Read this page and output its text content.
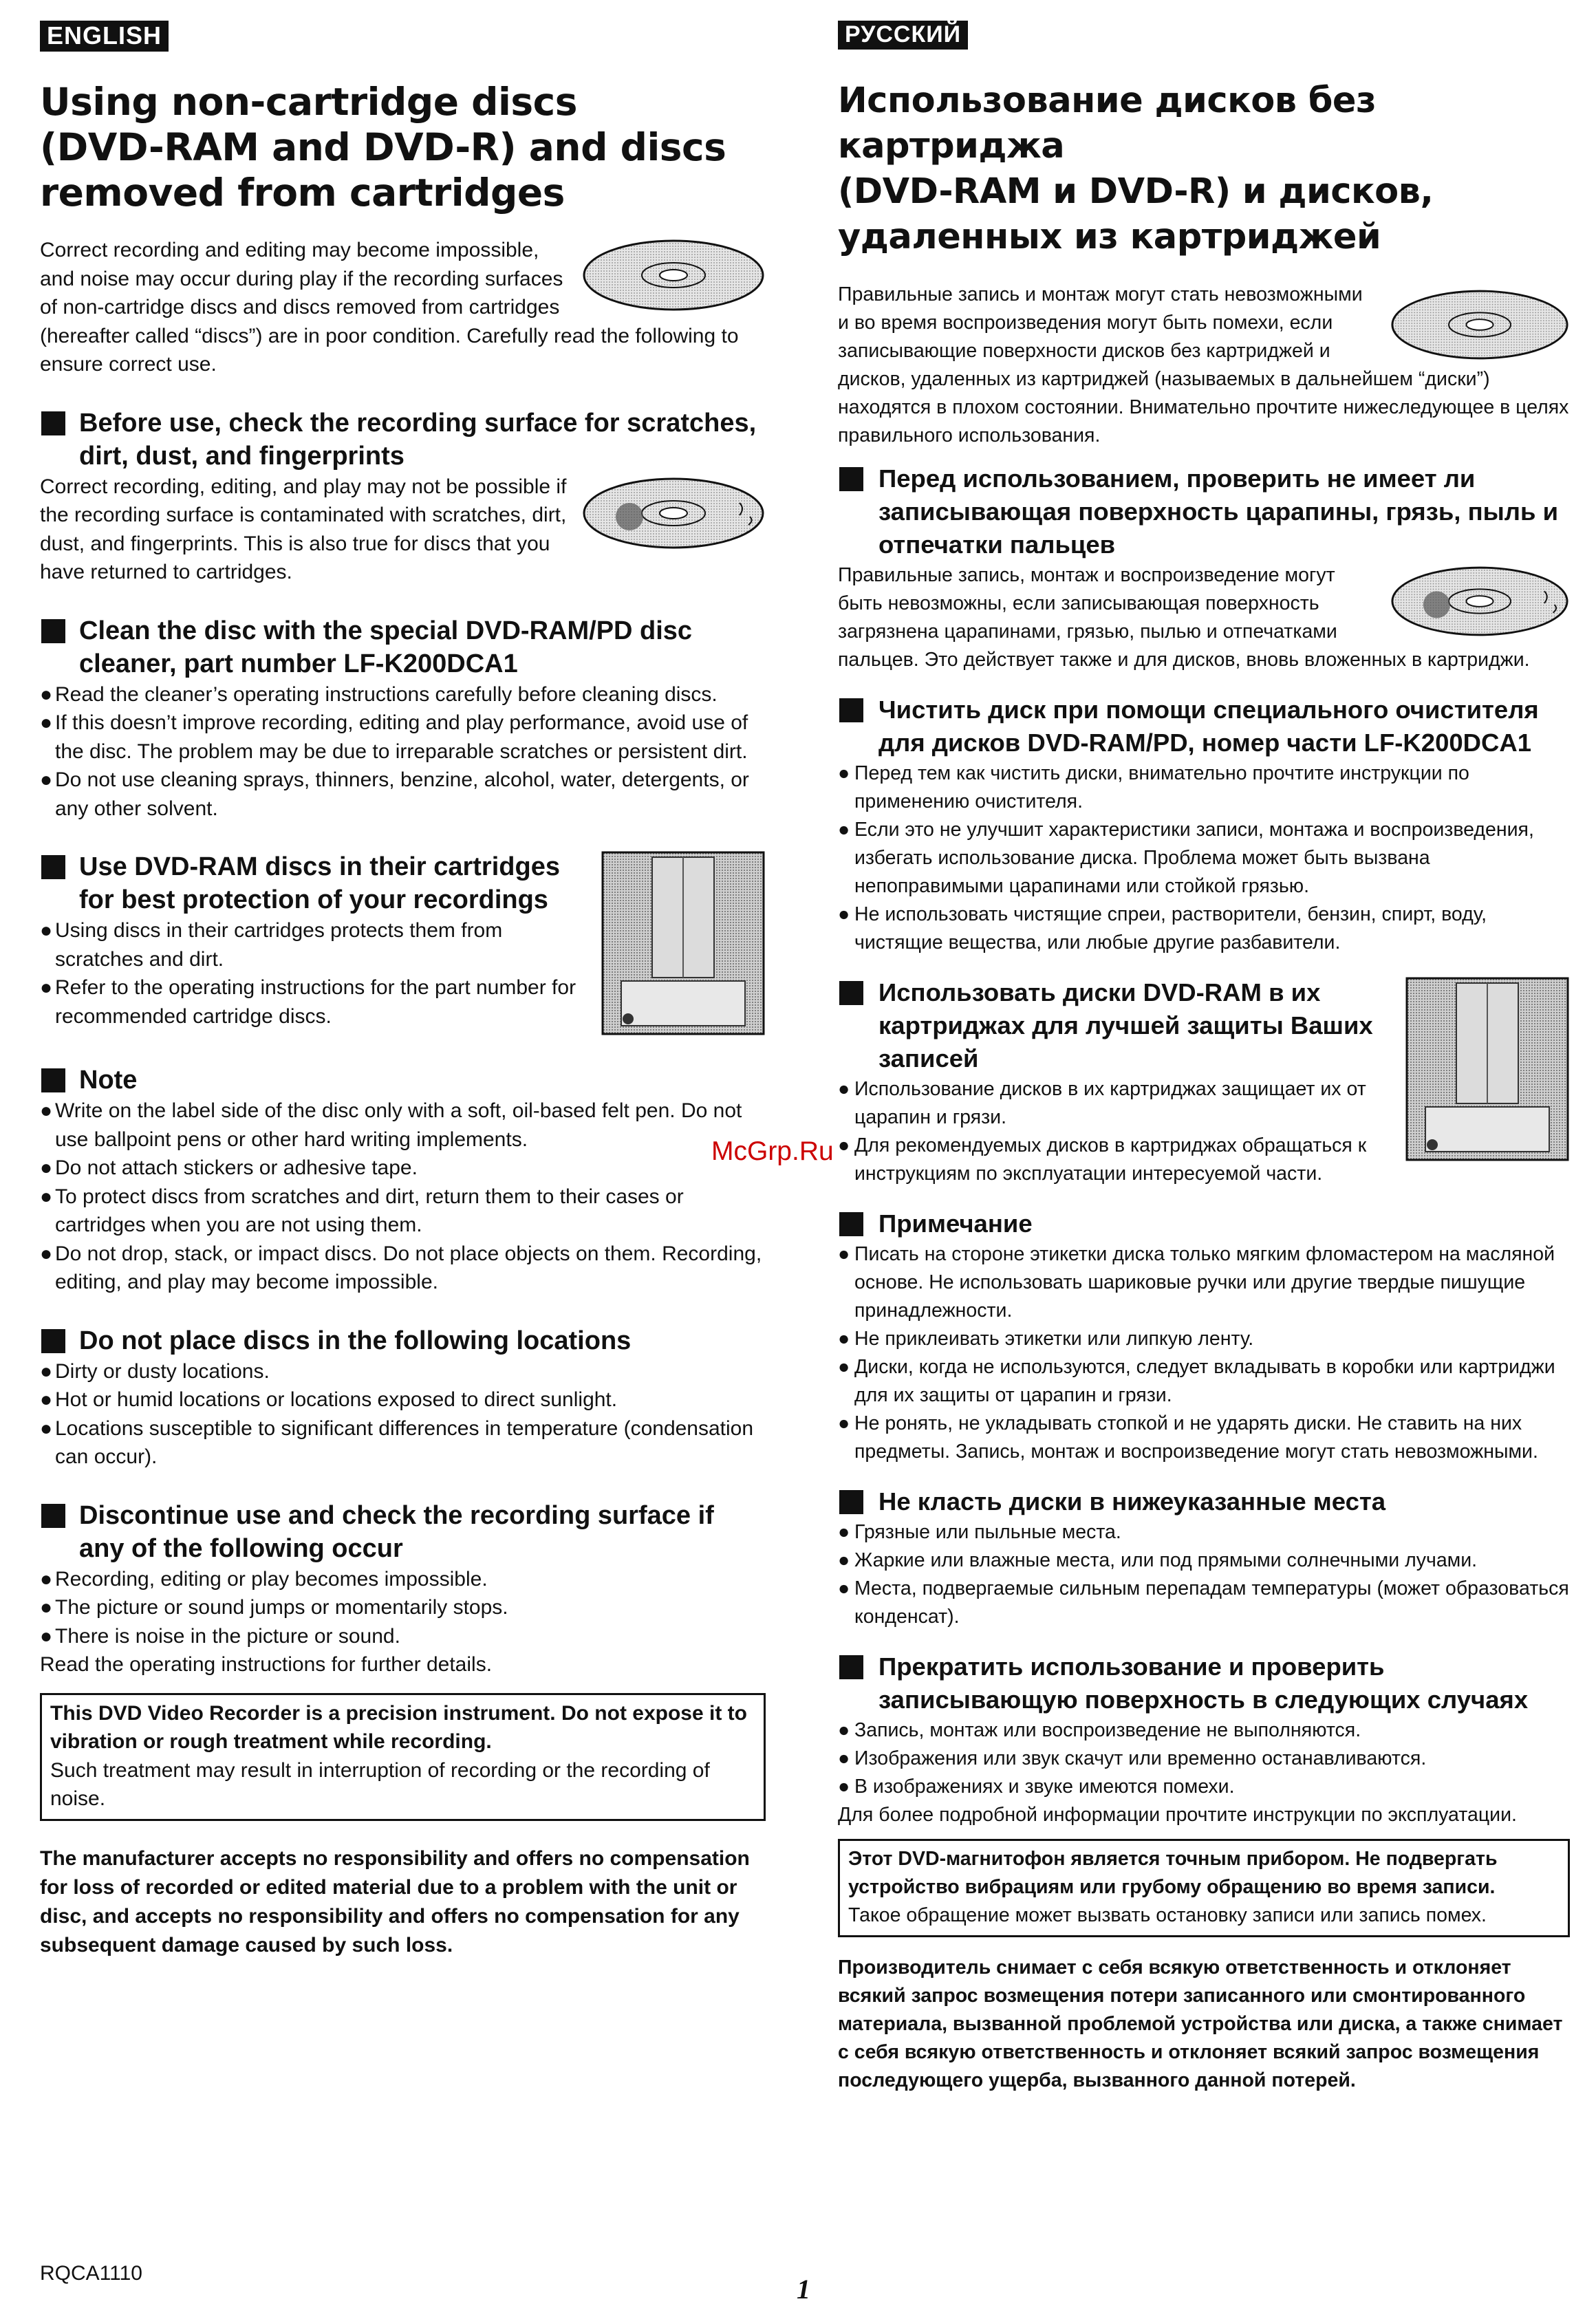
ENGLISH
Using non-cartridge discs
(DVD-RAM and DVD-R) and discs
removed from cartridges

Correct recording and editing may become impossible, and noise may occur during play if the recording surfaces of non-cartridge discs and discs removed from cartridges (hereafter called “discs”) are in poor condition. Carefully read the following to ensure correct use.

Before use, check the recording surface for scratches, dirt, dust, and fingerprints

Correct recording, editing, and play may not be possible if the recording surface is contaminated with scratches, dirt, dust, and fingerprints. This is also true for discs that you have returned to cartridges.

Clean the disc with the special DVD-RAM/PD disc cleaner, part number LF-K200DCA1
● Read the cleaner’s operating instructions carefully before cleaning discs.
● If this doesn’t improve recording, editing and play performance, avoid use of the disc. The problem may be due to irreparable scratches or persistent dirt.
● Do not use cleaning sprays, thinners, benzine, alcohol, water, detergents, or any other solvent.
Use DVD-RAM discs in their cartridges for best protection of your recordings
● Using discs in their cartridges protects them from scratches and dirt.
● Refer to the operating instructions for the part number for recommended cartridge discs.
Note
● Write on the label side of the disc only with a soft, oil-based felt pen. Do not use ballpoint pens or other hard writing implements.
● Do not attach stickers or adhesive tape.
● To protect discs from scratches and dirt, return them to their cases or cartridges when you are not using them.
● Do not drop, stack, or impact discs. Do not place objects on them. Recording, editing, and play may become impossible.
Do not place discs in the following locations
● Dirty or dusty locations.
● Hot or humid locations or locations exposed to direct sunlight.
● Locations susceptible to significant differences in temperature (condensation can occur).
Discontinue use and check the recording surface if any of the following occur
● Recording, editing or play becomes impossible.
● The picture or sound jumps or momentarily stops.
● There is noise in the picture or sound.

Read the operating instructions for further details.

This DVD Video Recorder is a precision instrument. Do not expose it to vibration or rough treatment while recording.

Such treatment may result in interruption of recording or the recording of noise.

The manufacturer accepts no responsibility and offers no compensation for loss of recorded or edited material due to a problem with the unit or disc, and accepts no responsibility and offers no compensation for any subsequent damage caused by such loss.

РУССКИЙ
Использование дисков без картриджа
(DVD-RAM и DVD-R) и дисков,
удаленных из картриджей

Правильные запись и монтаж могут стать невозможными и во время воспроизведения могут быть помехи, если записывающие поверхности дисков без картриджей и дисков, удаленных из картриджей (называемых в дальнейшем “диски”) находятся в плохом состоянии. Внимательно прочтите нижеследующее в целях правильного использования.

Перед использованием, проверить не имеет ли записывающая поверхность царапины, грязь, пыль и отпечатки пальцев

Правильные запись, монтаж и воспроизведение могут быть невозможны, если записывающая поверхность загрязнена царапинами, грязью, пылью и отпечатками пальцев. Это действует также и для дисков, вновь вложенных в картриджи.

Чистить диск при помощи специального очистителя для дисков DVD-RAM/PD, номер части LF-K200DCA1
● Перед тем как чистить диски, внимательно прочтите инструкции по применению очистителя.
● Если это не улучшит характеристики записи, монтажа и воспроизведения, избегать использование диска. Проблема может быть вызвана непоправимыми царапинами или стойкой грязью.
● Не использовать чистящие спреи, растворители, бензин, спирт, воду, чистящие вещества, или любые другие разбавители.
Использовать диски DVD-RAM в их картриджах для лучшей защиты Ваших записей
● Использование дисков в их картриджах защищает их от царапин и грязи.
● Для рекомендуемых дисков в картриджах обращаться к инструкциям по эксплуатации интересуемой части.
Примечание
● Писать на стороне этикетки диска только мягким фломастером на масляной основе. Не использовать шариковые ручки или другие твердые пишущие принадлежности.
● Не приклеивать этикетки или липкую ленту.
● Диски, когда не используются, следует вкладывать в коробки или картриджи для их защиты от царапин и грязи.
● Не ронять, не укладывать стопкой и не ударять диски. Не ставить на них предметы. Запись, монтаж и воспроизведение могут стать невозможными.
Не класть диски в нижеуказанные места
● Грязные или пыльные места.
● Жаркие или влажные места, или под прямыми солнечными лучами.
● Места, подвергаемые сильным перепадам температуры (может образоваться конденсат).
Прекратить использование и проверить записывающую поверхность в следующих случаях
● Запись, монтаж или воспроизведение не выполняются.
● Изображения или звук скачут или временно останавливаются.
● В изображениях и звуке имеются помехи.

Для более подробной информации прочтите инструкции по эксплуатации.

Этот DVD-магнитофон является точным прибором. Не подвергать устройство вибрациям или грубому обращению во время записи.

Такое обращение может вызвать остановку записи или запись помех.

Производитель снимает с себя всякую ответственность и отклоняет всякий запрос возмещения потери записанного или смонтированного материала, вызванной проблемой устройства или диска, а также снимает с себя всякую ответственность и отклоняет всякий запрос возмещения последующего ущерба, вызванного данной потерей.

McGrp.Ru
RQCA1110
1
